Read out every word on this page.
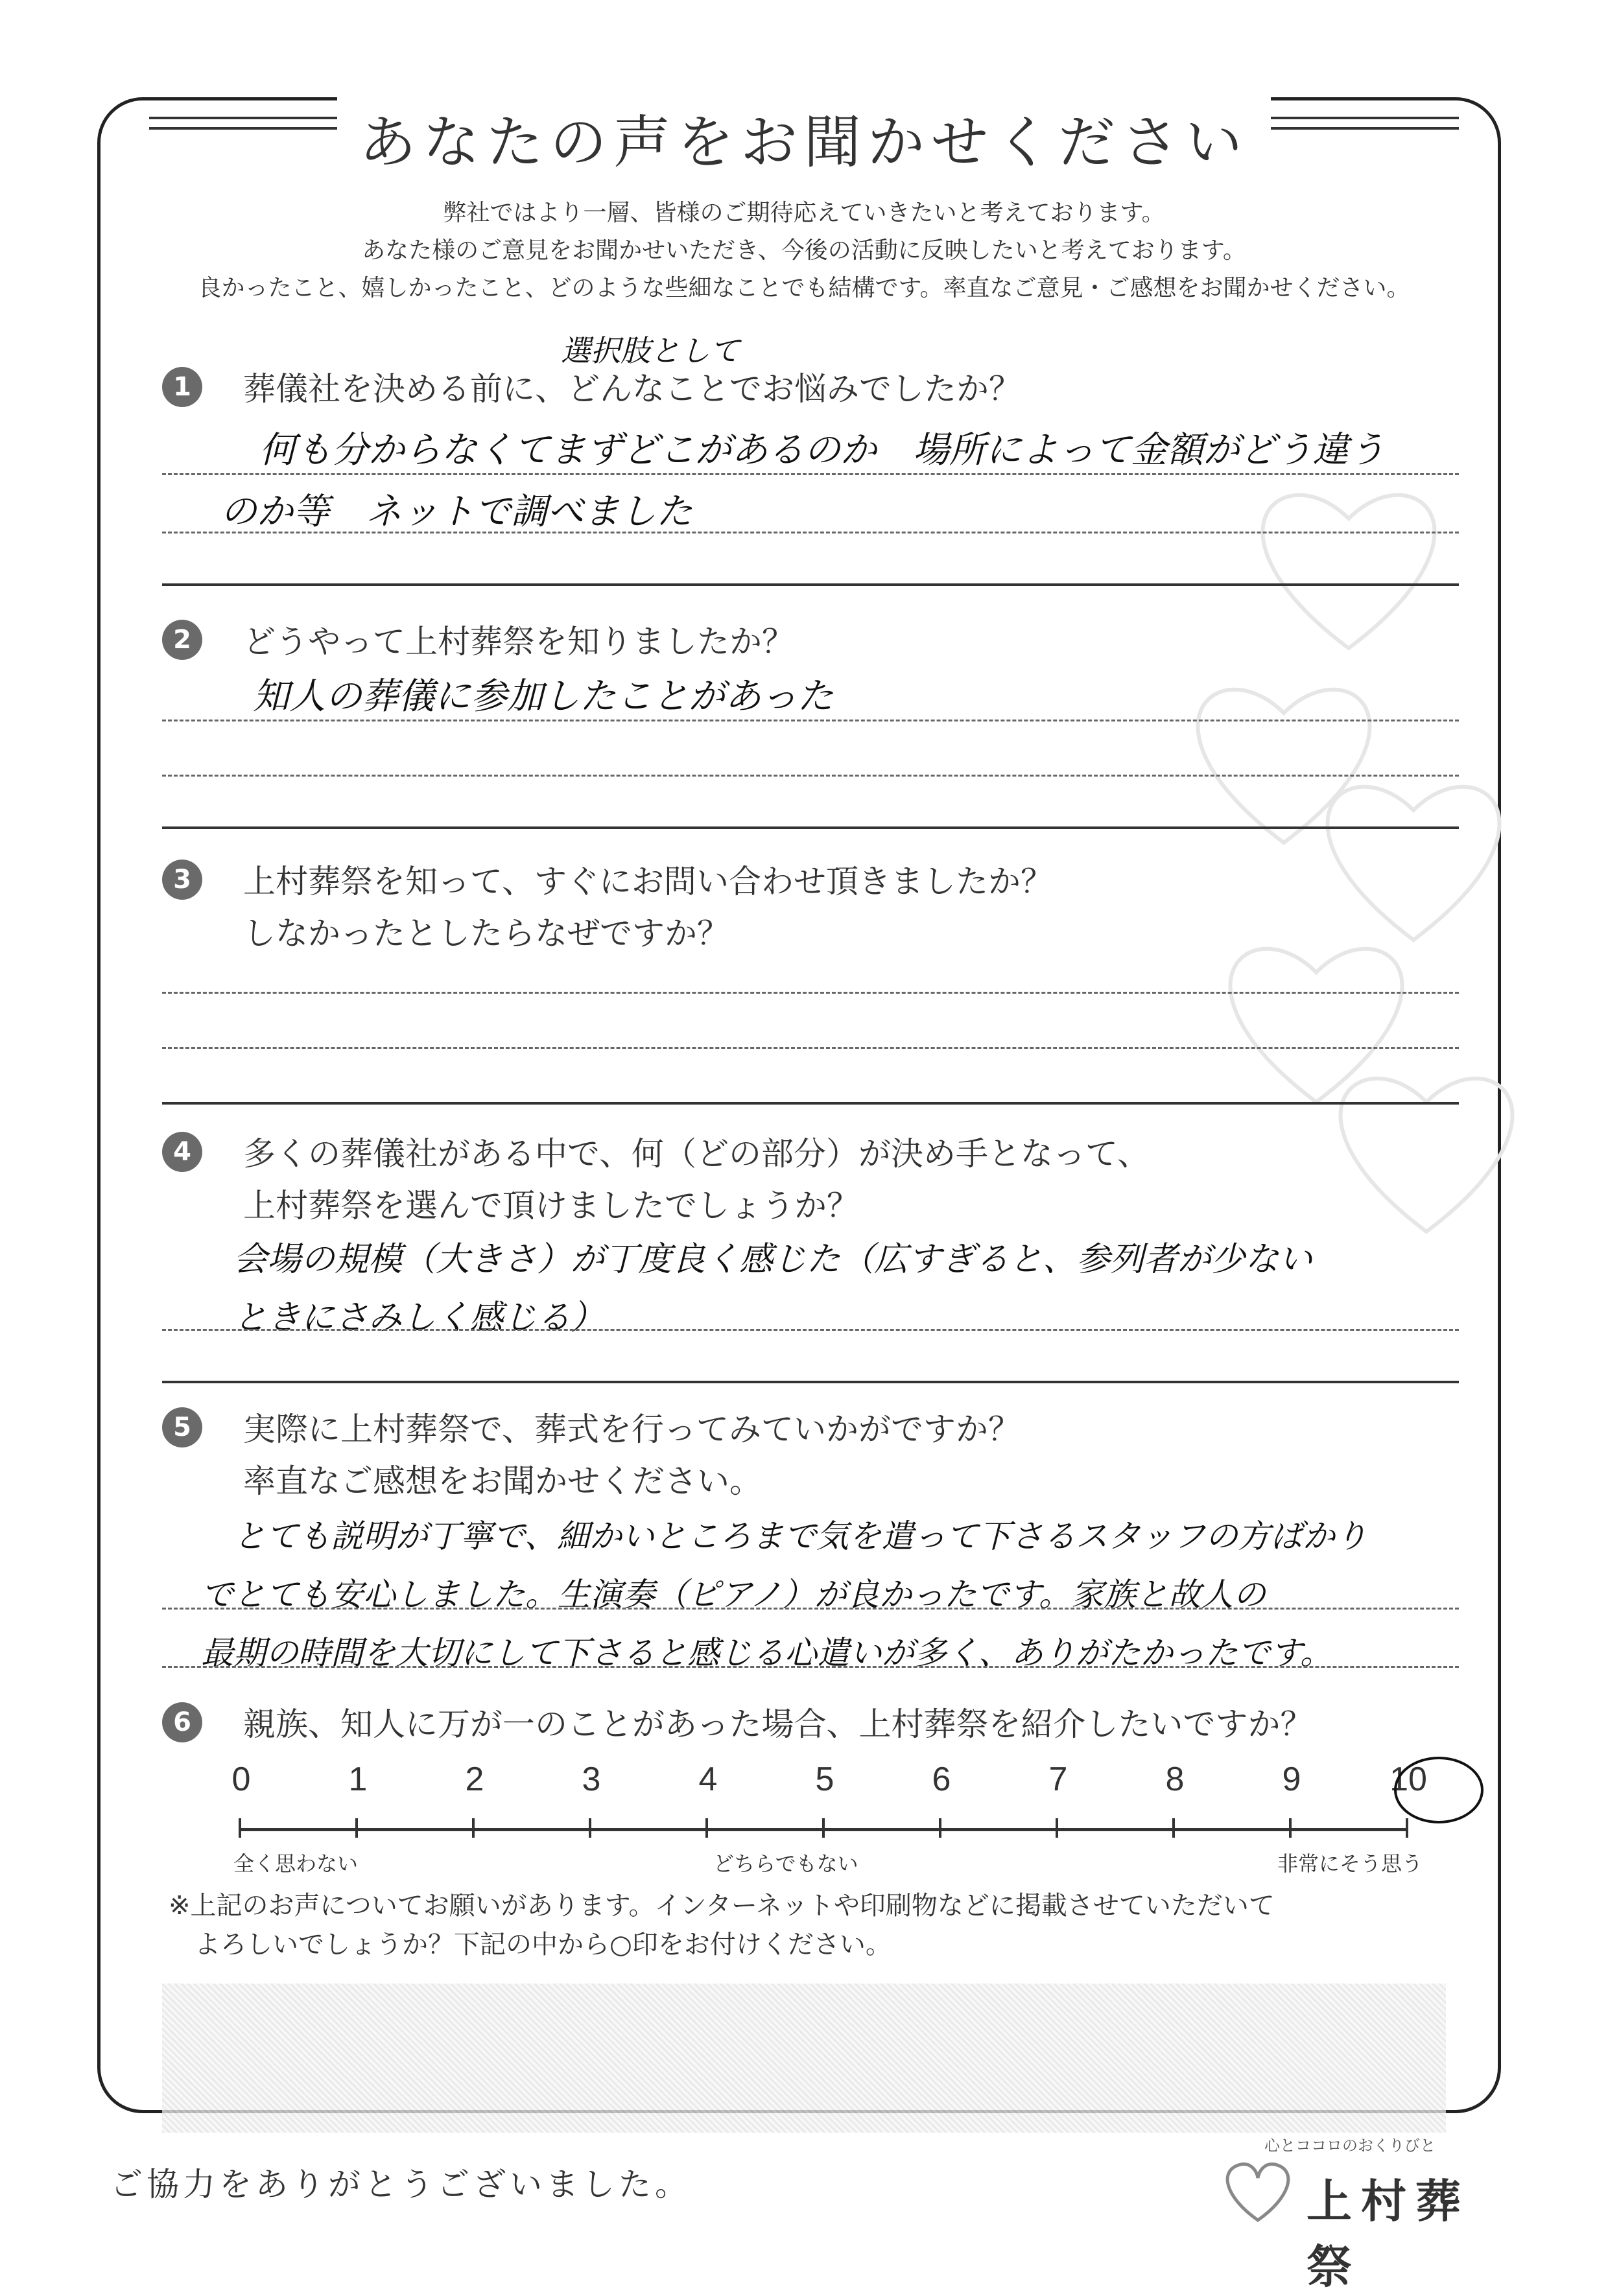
あなたの声をお聞かせください
弊社ではより一層、皆様のご期待応えていきたいと考えております。
あなた様のご意見をお聞かせいただき、今後の活動に反映したいと考えております。
良かったこと、嬉しかったこと、どのような些細なことでも結構です。率直なご意見・ご感想をお聞かせください。
1	葬儀社を決める前に、どんなことでお悩みでしたか？
選択肢として
何も分からなくてまずどこがあるのか　場所によって金額がどう違う
のか等　ネットで調べました
2	どうやって上村葬祭を知りましたか？
知人の葬儀に参加したことがあった
3	上村葬祭を知って、すぐにお問い合わせ頂きましたか？
しなかったとしたらなぜですか？
4	多くの葬儀社がある中で、何（どの部分）が決め手となって、
上村葬祭を選んで頂けましたでしょうか？
会場の規模（大きさ）が丁度良く感じた（広すぎると、参列者が少ない
ときにさみしく感じる）
5	実際に上村葬祭で、葬式を行ってみていかがですか？
率直なご感想をお聞かせください。
とても説明が丁寧で、細かいところまで気を遣って下さるスタッフの方ばかり
でとても安心しました。生演奏（ピアノ）が良かったです。家族と故人の
最期の時間を大切にして下さると感じる心遣いが多く、ありがたかったです。
6	親族、知人に万が一のことがあった場合、上村葬祭を紹介したいですか？
0	1	2	3	4	5	6	7	8	9	10
全く思わない	どちらでもない	非常にそう思う
※上記のお声についてお願いがあります。インターネットや印刷物などに掲載させていただいて
よろしいでしょうか？下記の中から○印をお付けください。
ご協力をありがとうございました。
心とココロのおくりびと
上村葬祭
